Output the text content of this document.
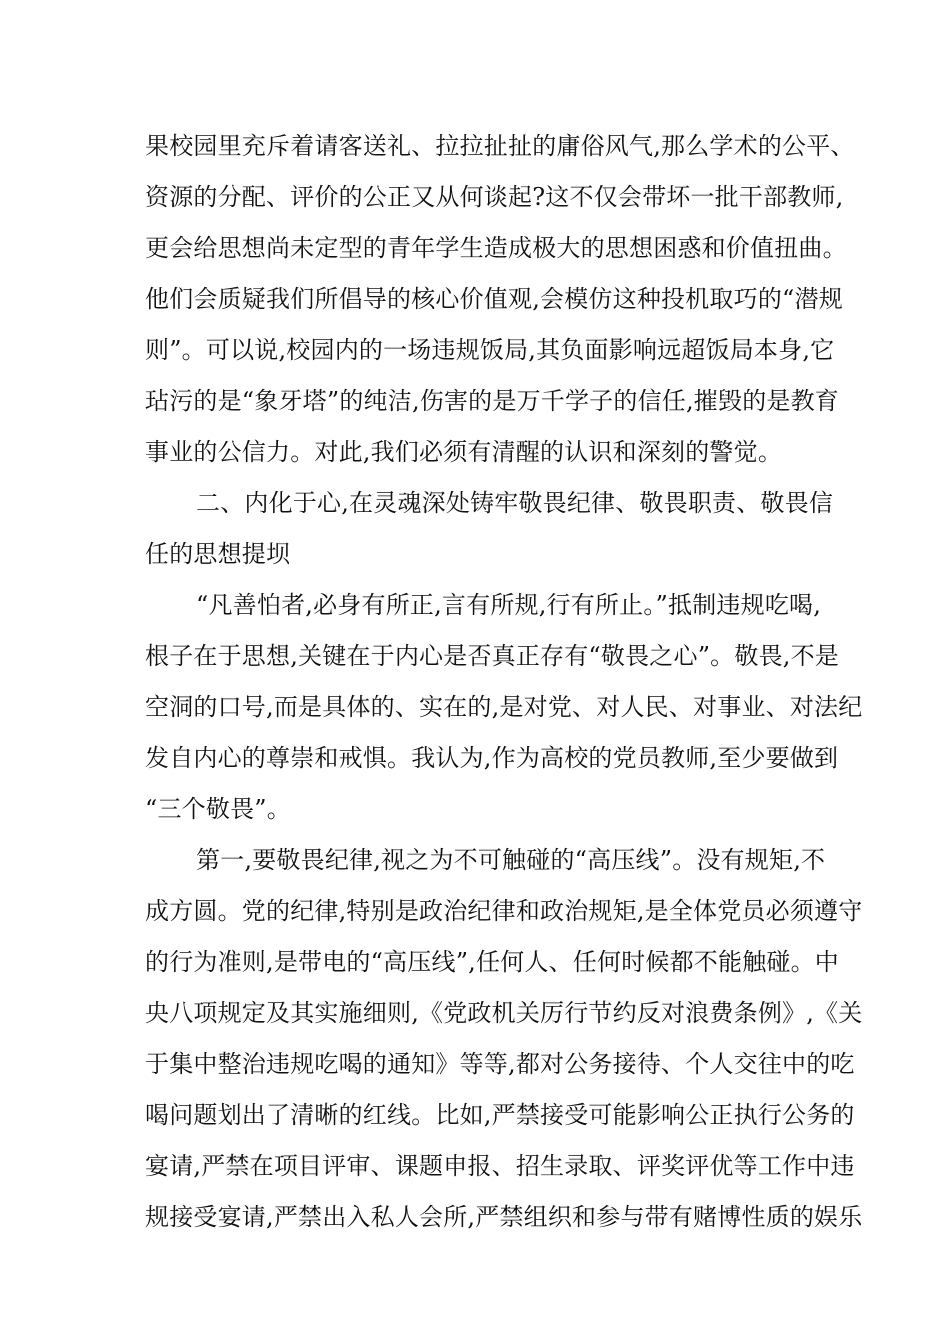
果校园里充斥着请客送礼、拉拉扯扯的庸俗风气,那么学术的公平、
资源的分配、评价的公正又从何谈起?这不仅会带坏一批干部教师,
更会给思想尚未定型的青年学生造成极大的思想困惑和价值扭曲。
他们会质疑我们所倡导的核心价值观,会模仿这种投机取巧的“潜规
则”。可以说,校园内的一场违规饭局,其负面影响远超饭局本身,它
玷污的是“象牙塔”的纯洁,伤害的是万千学子的信任,摧毁的是教育
事业的公信力。对此,我们必须有清醒的认识和深刻的警觉。
二、内化于心,在灵魂深处铸牢敬畏纪律、敬畏职责、敬畏信
任的思想提坝
“凡善怕者,必身有所正,言有所规,行有所止。”抵制违规吃喝,
根子在于思想,关键在于内心是否真正存有“敬畏之心”。敬畏,不是
空洞的口号,而是具体的、实在的,是对党、对人民、对事业、对法纪
发自内心的尊崇和戒惧。我认为,作为高校的党员教师,至少要做到
“三个敬畏”。
第一,要敬畏纪律,视之为不可触碰的“高压线”。没有规矩,不
成方圆。党的纪律,特别是政治纪律和政治规矩,是全体党员必须遵守
的行为准则,是带电的“高压线”,任何人、任何时候都不能触碰。中
央八项规定及其实施细则,《党政机关厉行节约反对浪费条例》,《关
于集中整治违规吃喝的通知》等等,都对公务接待、个人交往中的吃
喝问题划出了清晰的红线。比如,严禁接受可能影响公正执行公务的
宴请,严禁在项目评审、课题申报、招生录取、评奖评优等工作中违
规接受宴请,严禁出入私人会所,严禁组织和参与带有赌博性质的娱乐
